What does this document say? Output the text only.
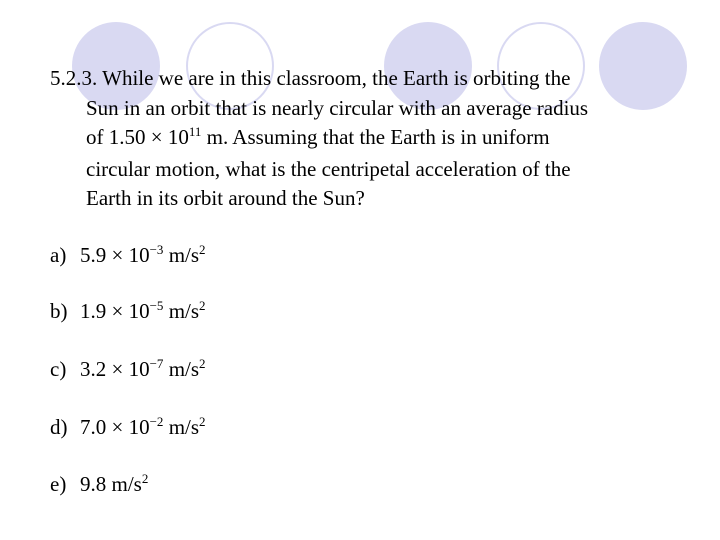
5.2.3. While we are in this classroom, the Earth is orbiting the
Sun in an orbit that is nearly circular with an average radius
of $1.50 \times 10^{11}$ m. Assuming that the Earth is in uniform
circular motion, what is the centripetal acceleration of the
Earth in its orbit around the Sun?
a) $5.9 \times 10^{-3}$ $m/s^2$
b) $1.9 \times 10^{-5}$ $m/s^2$
c) $3.2 \times 10^{-7}$ $m/s^2$
d) $7.0 \times 10^{-2}$ $m/s^2$
e) 9.8 $m/s^2$
